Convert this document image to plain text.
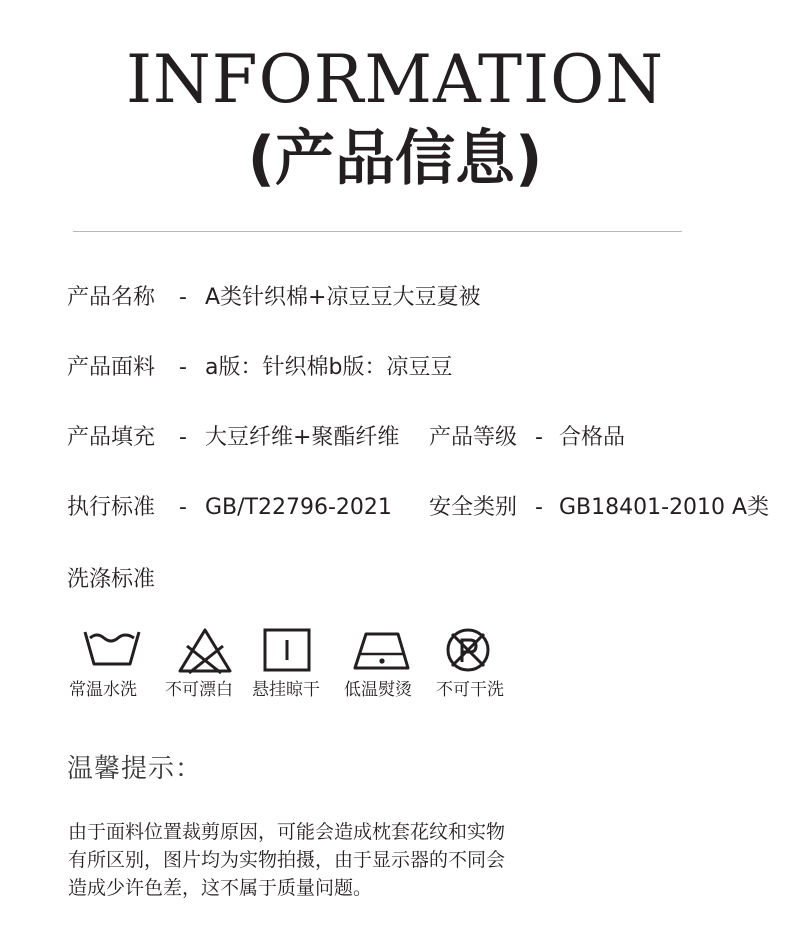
INFORMATION
(产品信息)
产品名称 - A类针织棉+凉豆豆大豆夏被
产品面料 - a版：针织棉b版：凉豆豆
产品填充 - 大豆纤维+聚酯纤维 产品等级 - 合格品
执行标准 - GB/T22796-2021 安全类别 - GB18401-2010 A类
洗涤标准
常温水洗 不可漂白 悬挂晾干 低温熨烫 不可干洗
温馨提示：
由于面料位置裁剪原因，可能会造成枕套花纹和实物
有所区别，图片均为实物拍摄，由于显示器的不同会
造成少许色差，这不属于质量问题。
